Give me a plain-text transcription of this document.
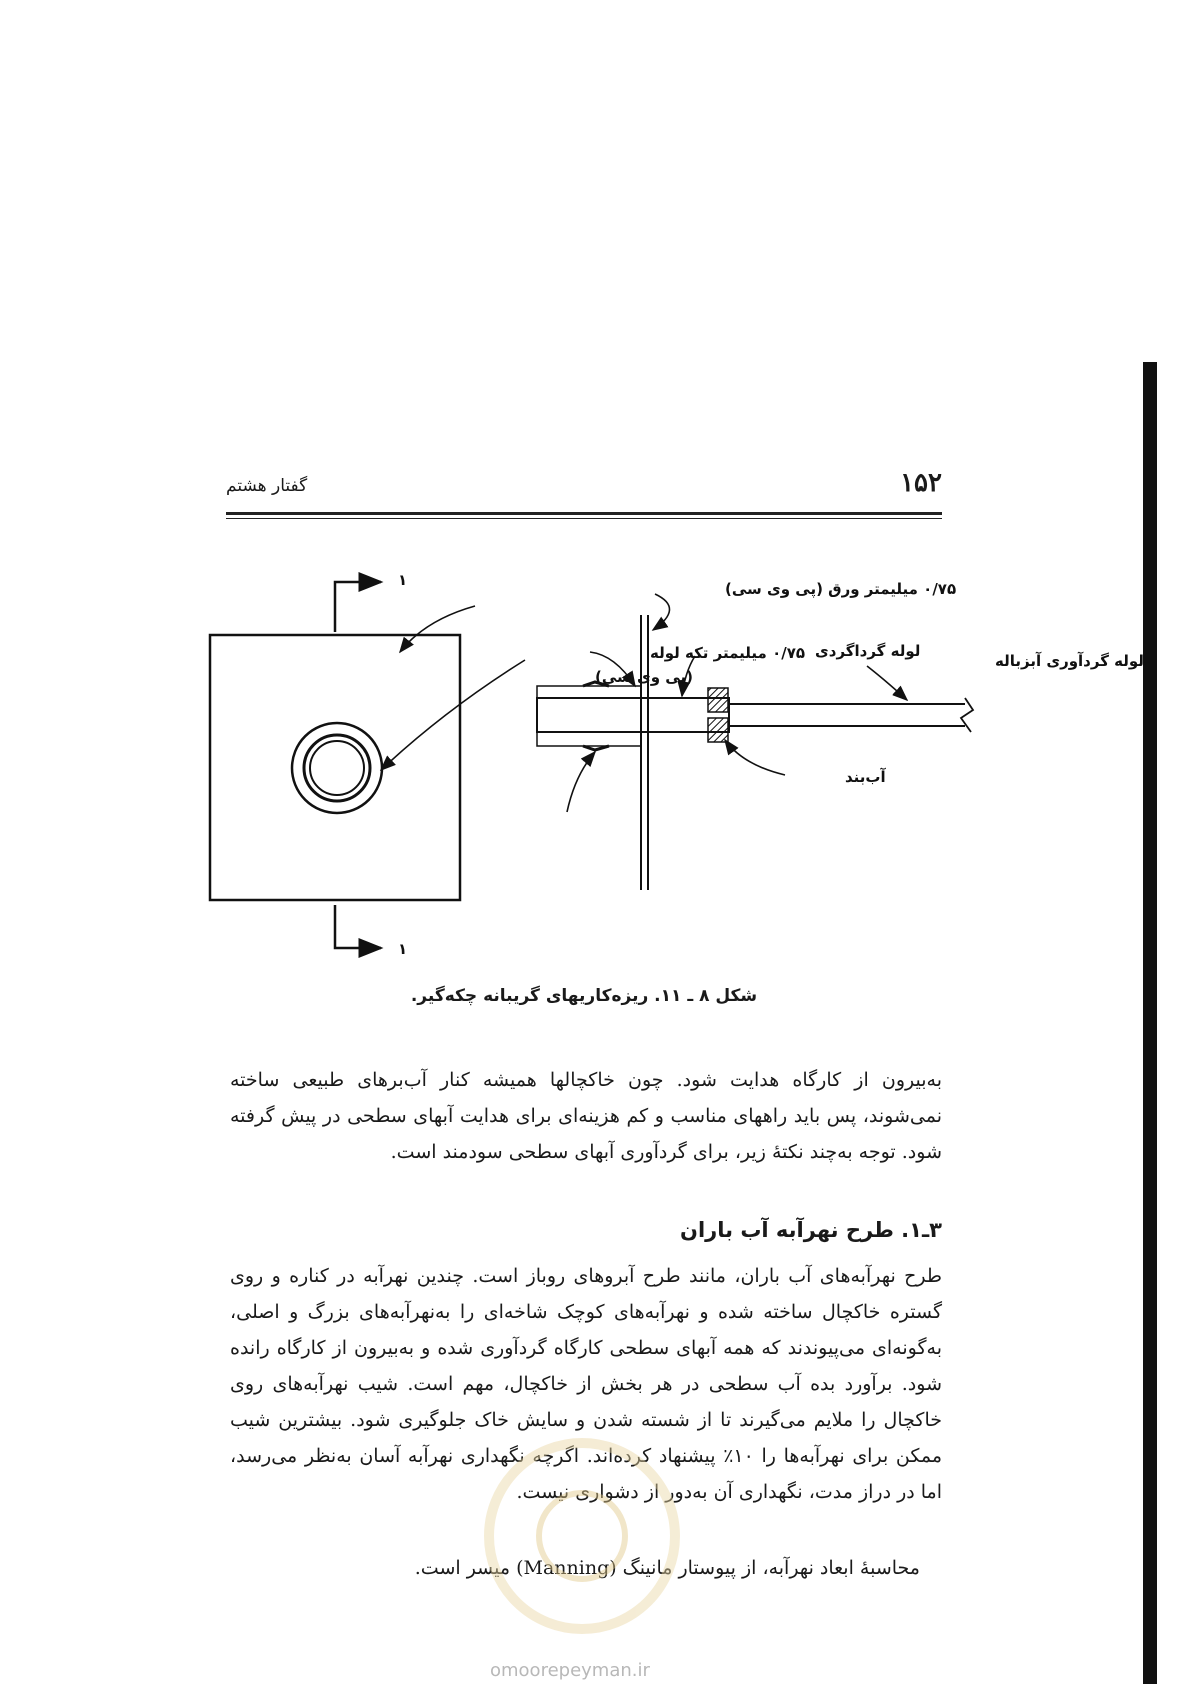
۱۵۲
گفتار هشتم
۱
۱
۰/۷۵ میلیمتر ورق (پی وی سی)
۰/۷۵ میلیمتر تکه لوله
(پی وی سی)
لوله گرداگردی
لوله گردآوری آبزباله
آب‌بند
شکل ۸ ـ ۱۱. ریزه‌کاریهای گریبانه چکه‌گیر.
به‌بیرون از کارگاه هدایت شود. چون خاکچالها همیشه کنار آب‌برهای طبیعی ساخته نمی‌شوند، پس باید راههای مناسب و کم هزینه‌ای برای هدایت آبهای سطحی در پیش گرفته شود. توجه به‌چند نکتهٔ زیر، برای گردآوری آبهای سطحی سودمند است.
۳ـ۱. طرح نهرآبه آب باران
طرح نهرآبه‌های آب باران، مانند طرح آبروهای روباز است. چندین نهرآبه در کناره و روی گستره خاکچال ساخته شده و نهرآبه‌های کوچک شاخه‌ای را به‌نهرآبه‌های بزرگ و اصلی، به‌گونه‌ای می‌پیوندند که همه آبهای سطحی کارگاه گردآوری شده و به‌بیرون از کارگاه رانده شود. برآورد بده آب سطحی در هر بخش از خاکچال، مهم است. شیب نهرآبه‌های روی خاکچال را ملایم می‌گیرند تا از شسته شدن و سایش خاک جلوگیری شود. بیشترین شیب ممکن برای نهرآبه‌ها را ۱۰٪ پیشنهاد کرده‌اند. اگرچه نگهداری نهرآبه آسان به‌نظر می‌رسد، اما در دراز مدت، نگهداری آن به‌دور از دشواری نیست.
محاسبهٔ ابعاد نهرآبه، از پیوستار مانینگ (Manning) میسر است.
omoorepeyman.ir
